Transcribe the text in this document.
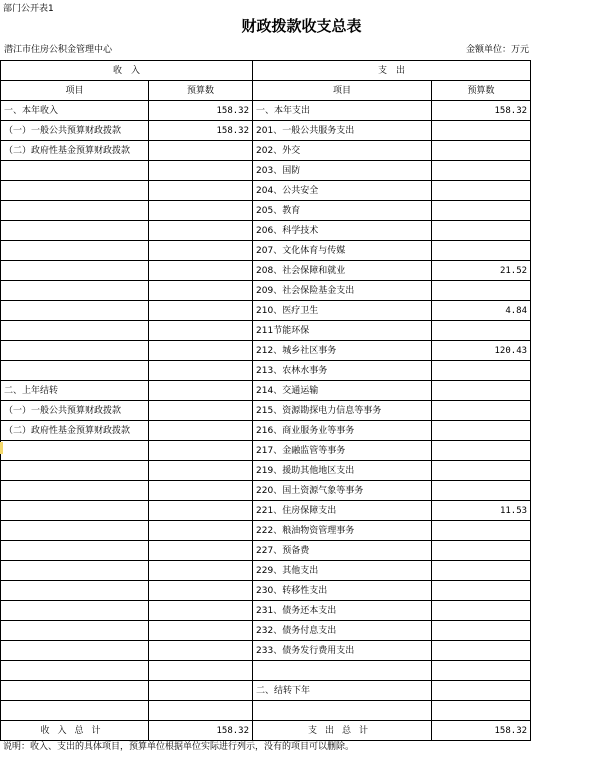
部门公开表1
财政拨款收支总表
潜江市住房公积金管理中心	金额单位：万元
收　入		支　出	
项目	预算数	项目	预算数
一、本年收入	158.32	一、本年支出	158.32
（一）一般公共预算财政拨款	158.32	201、一般公共服务支出	
（二）政府性基金预算财政拨款		202、外交	
		203、国防	
		204、公共安全	
		205、教育	
		206、科学技术	
		207、文化体育与传媒	
		208、社会保障和就业	21.52
		209、社会保险基金支出	
		210、医疗卫生	4.84
		211节能环保	
		212、城乡社区事务	120.43
		213、农林水事务	
二、上年结转		214、交通运输	
（一）一般公共预算财政拨款		215、资源勘探电力信息等事务	
（二）政府性基金预算财政拨款		216、商业服务业等事务	
		217、金融监管等事务	
		219、援助其他地区支出	
		220、国土资源气象等事务	
		221、住房保障支出	11.53
		222、粮油物资管理事务	
		227、预备费	
		229、其他支出	
		230、转移性支出	
		231、债务还本支出	
		232、债务付息支出	
		233、债务发行费用支出	

		二、结转下年	

收入总计	158.32	支出总计	158.32
说明：收入、支出的具体项目，预算单位根据单位实际进行列示，没有的项目可以删除。
